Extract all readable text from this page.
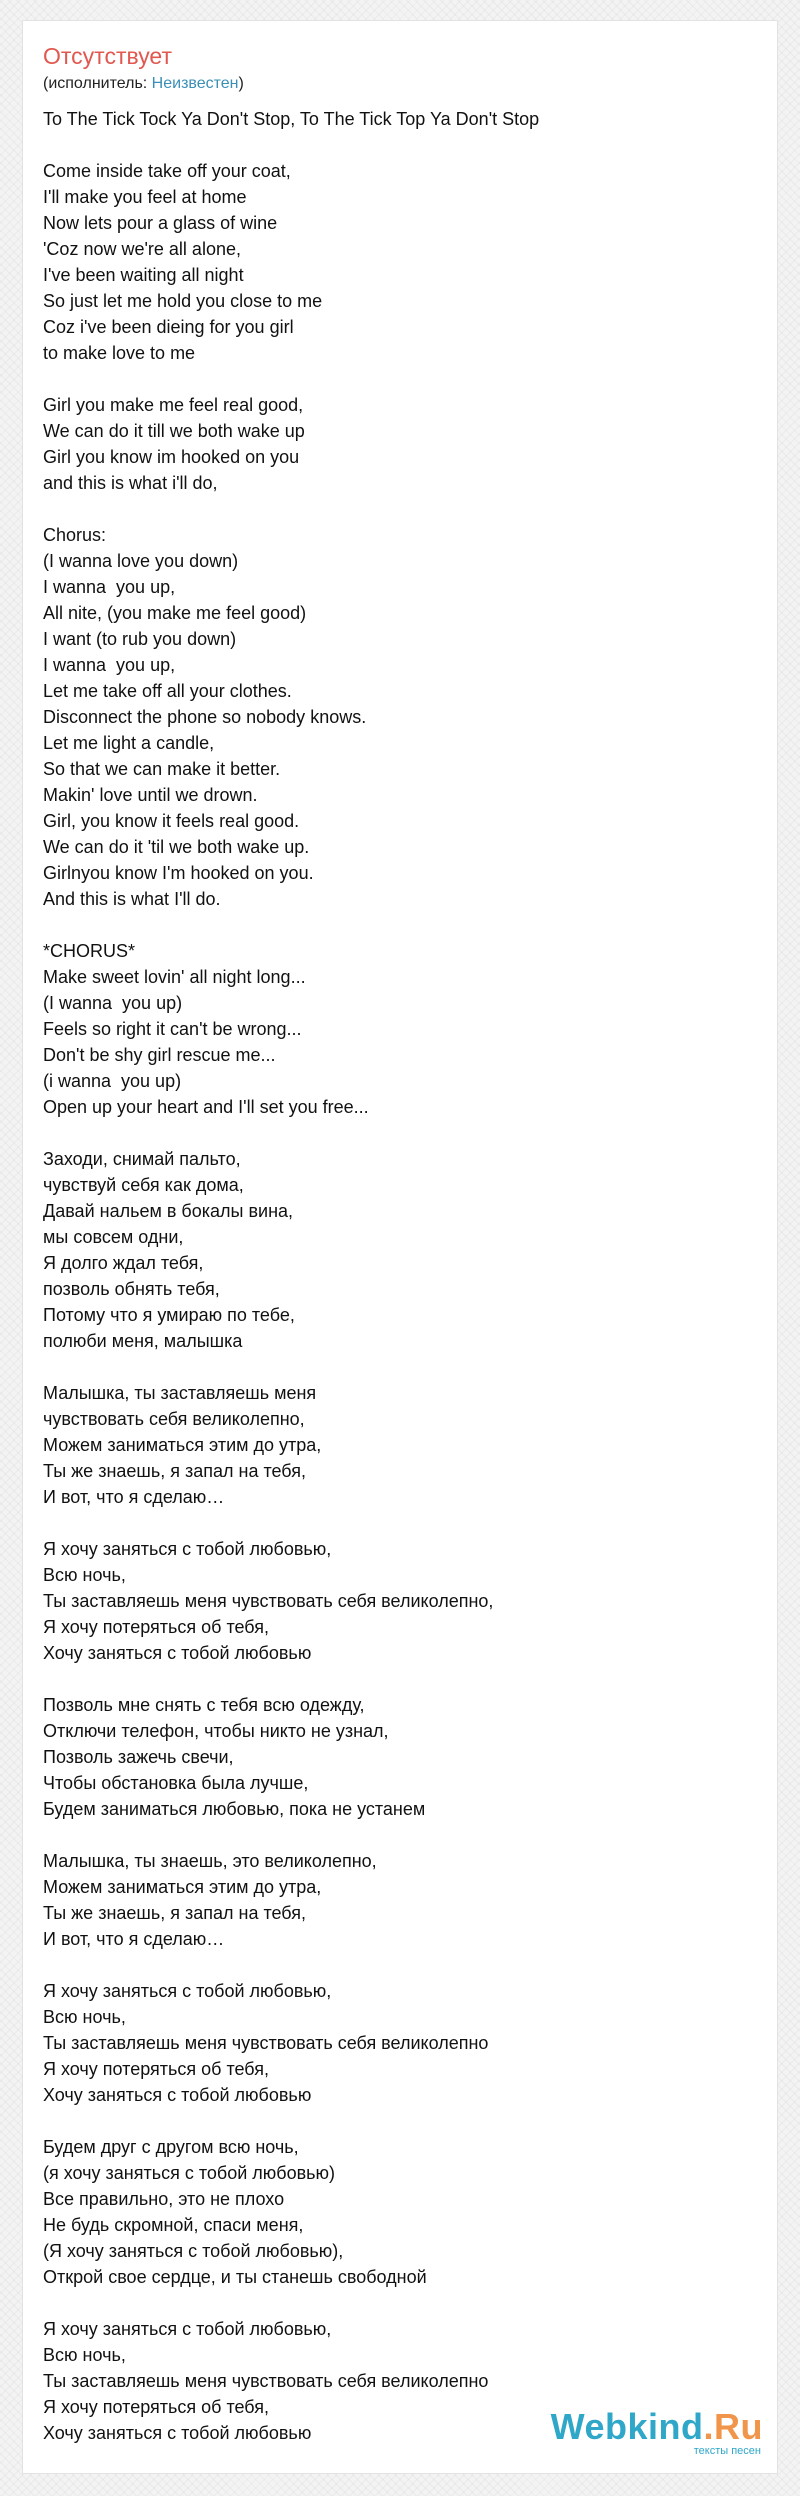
Отсутствует
(исполнитель: Неизвестен)
To The Tick Tock Ya Don't Stop, To The Tick Top Ya Don't Stop

Come inside take off your coat,
I'll make you feel at home
Now lets pour a glass of wine
'Coz now we're all alone,
I've been waiting all night
So just let me hold you close to me
Coz i've been dieing for you girl
to make love to me

Girl you make me feel real good,
We can do it till we both wake up
Girl you know im hooked on you
and this is what i'll do,

Chorus:
(I wanna love you down)
I wanna  you up,
All nite, (you make me feel good)
I want (to rub you down)
I wanna  you up,
Let me take off all your clothes.
Disconnect the phone so nobody knows.
Let me light a candle,
So that we can make it better.
Makin' love until we drown.
Girl, you know it feels real good.
We can do it 'til we both wake up.
Girlnyou know I'm hooked on you.
And this is what I'll do.

*CHORUS*
Make sweet lovin' all night long...
(I wanna  you up)
Feels so right it can't be wrong...
Don't be shy girl rescue me...
(i wanna  you up)
Open up your heart and I'll set you free...

Заходи, снимай пальто,
чувствуй себя как дома,
Давай нальем в бокалы вина,
мы совсем одни,
Я долго ждал тебя,
позволь обнять тебя,
Потому что я умираю по тебе,
полюби меня, малышка

Малышка, ты заставляешь меня
чувствовать себя великолепно,
Можем заниматься этим до утра,
Ты же знаешь, я запал на тебя,
И вот, что я сделаю…

Я хочу заняться с тобой любовью,
Всю ночь,
Ты заставляешь меня чувствовать себя великолепно,
Я хочу потеряться об тебя,
Хочу заняться с тобой любовью

Позволь мне снять с тебя всю одежду,
Отключи телефон, чтобы никто не узнал,
Позволь зажечь свечи,
Чтобы обстановка была лучше,
Будем заниматься любовью, пока не устанем

Малышка, ты знаешь, это великолепно,
Можем заниматься этим до утра,
Ты же знаешь, я запал на тебя,
И вот, что я сделаю…

Я хочу заняться с тобой любовью,
Всю ночь,
Ты заставляешь меня чувствовать себя великолепно
Я хочу потеряться об тебя,
Хочу заняться с тобой любовью

Будем друг с другом всю ночь,
(я хочу заняться с тобой любовью)
Все правильно, это не плохо
Не будь скромной, спаси меня,
(Я хочу заняться с тобой любовью),
Открой свое сердце, и ты станешь свободной

Я хочу заняться с тобой любовью,
Всю ночь,
Ты заставляешь меня чувствовать себя великолепно
Я хочу потеряться об тебя,
Хочу заняться с тобой любовью	Webkind.Ru
тексты песен
